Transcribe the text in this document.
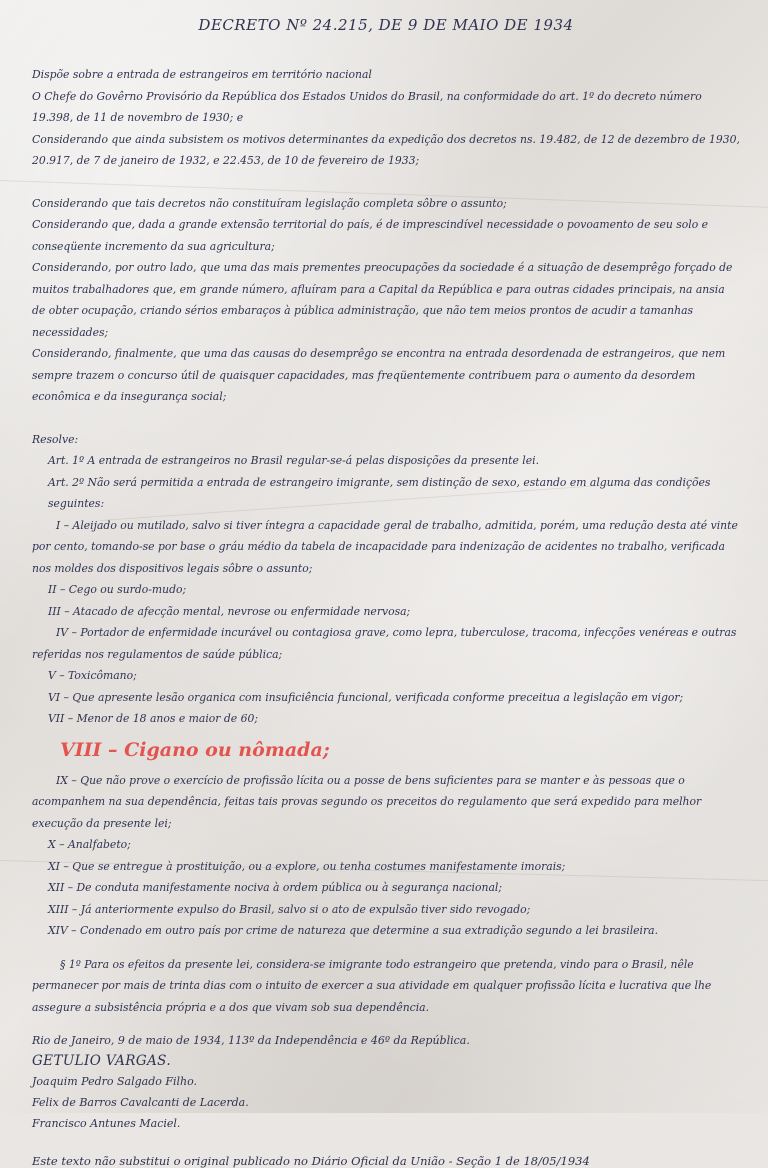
DECRETO Nº 24.215, DE 9 DE MAIO DE 1934

Dispõe sobre a entrada de estrangeiros em território nacional

O Chefe do Govêrno Provisório da República dos Estados Unidos do Brasil, na conformidade do art. 1º do decreto número 19.398, de 11 de novembro de 1930; e

Considerando que ainda subsistem os motivos determinantes da expedição dos decretos ns. 19.482, de 12 de dezembro de 1930, 20.917, de 7 de janeiro de 1932, e 22.453, de 10 de fevereiro de 1933;

Considerando que tais decretos não constituíram legislação completa sôbre o assunto;

Considerando que, dada a grande extensão territorial do país, é de imprescindível necessidade o povoamento de seu solo e conseqüente incremento da sua agricultura;

Considerando, por outro lado, que uma das mais prementes preocupações da sociedade é a situação de desemprêgo forçado de muitos trabalhadores que, em grande número, afluíram para a Capital da República e para outras cidades principais, na ansia de obter ocupação, criando sérios embaraços à pública administração, que não tem meios prontos de acudir a tamanhas necessidades;

Considerando, finalmente, que uma das causas do desemprêgo se encontra na entrada desordenada de estrangeiros, que nem sempre trazem o concurso útil de quaisquer capacidades, mas freqüentemente contribuem para o aumento da desordem econômica e da insegurança social;

Resolve:

Art. 1º A entrada de estrangeiros no Brasil regular-se-á pelas disposições da presente lei.

Art. 2º Não será permitida a entrada de estrangeiro imigrante, sem distinção de sexo, estando em alguma das condições seguintes:

I – Aleijado ou mutilado, salvo si tiver íntegra a capacidade geral de trabalho, admitida, porém, uma redução desta até vinte por cento, tomando-se por base o gráu médio da tabela de incapacidade para indenização de acidentes no trabalho, verificada nos moldes dos dispositivos legais sôbre o assunto;

II – Cego ou surdo-mudo;

III – Atacado de afecção mental, nevrose ou enfermidade nervosa;

IV – Portador de enfermidade incurável ou contagiosa grave, como lepra, tuberculose, tracoma, infecções venéreas e outras referidas nos regulamentos de saúde pública;

V – Toxicômano;

VI – Que apresente lesão organica com insuficiência funcional, verificada conforme preceitua a legislação em vigor;

VII – Menor de 18 anos e maior de 60;

VIII – Cigano ou nômada;

IX – Que não prove o exercício de profissão lícita ou a posse de bens suficientes para se manter e às pessoas que o acompanhem na sua dependência, feitas tais provas segundo os preceitos do regulamento que será expedido para melhor execução da presente lei;

X – Analfabeto;

XI – Que se entregue à prostituição, ou a explore, ou tenha costumes manifestamente imorais;

XII – De conduta manifestamente nociva à ordem pública ou à segurança nacional;

XIII – Já anteriormente expulso do Brasil, salvo si o ato de expulsão tiver sido revogado;

XIV – Condenado em outro país por crime de natureza que determine a sua extradição segundo a lei brasileira.

§ 1º Para os efeitos da presente lei, considera-se imigrante todo estrangeiro que pretenda, vindo para o Brasil, nêle permanecer por mais de trinta dias com o intuito de exercer a sua atividade em qualquer profissão lícita e lucrativa que lhe assegure a subsistência própria e a dos que vivam sob sua dependência.

Rio de Janeiro, 9 de maio de 1934, 113º da Independência e 46º da República.

GETULIO VARGAS.

Joaquim Pedro Salgado Filho.

Felix de Barros Cavalcanti de Lacerda.

Francisco Antunes Maciel.

Este texto não substitui o original publicado no Diário Oficial da União - Seção 1 de 18/05/1934
